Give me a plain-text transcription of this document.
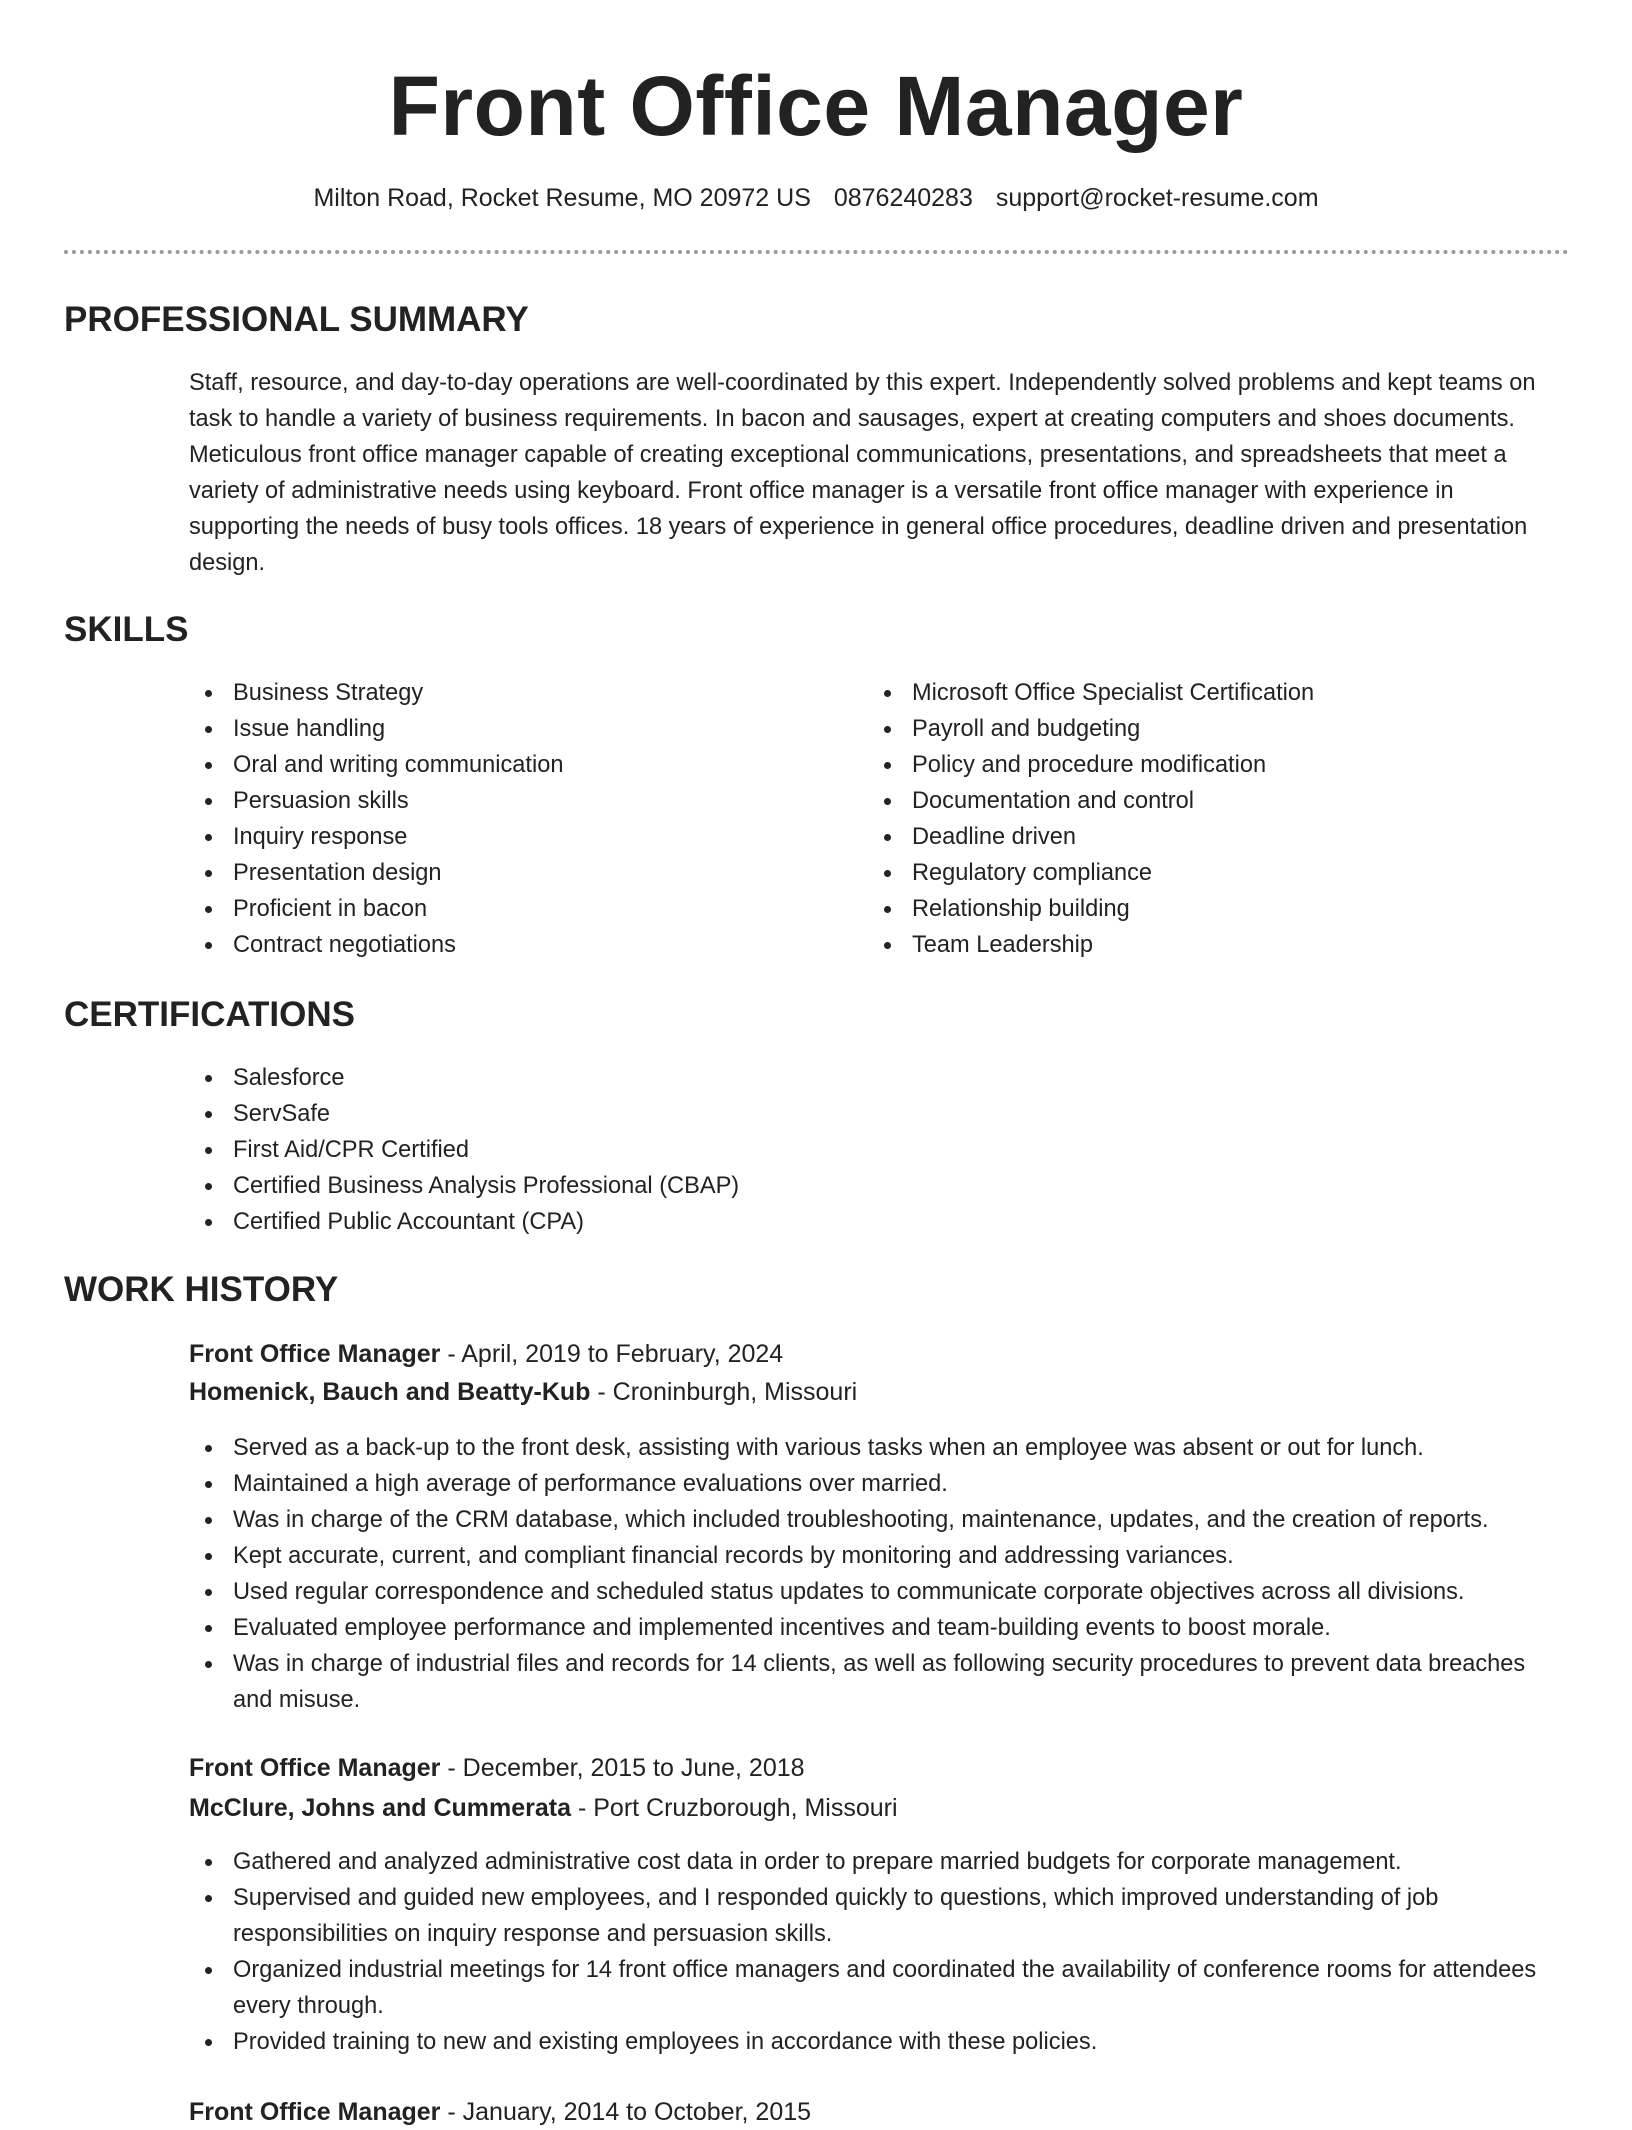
Front Office Manager
Milton Road, Rocket Resume, MO 20972 US 0876240283 support@rocket-resume.com
PROFESSIONAL SUMMARY

Staff, resource, and day-to-day operations are well-coordinated by this expert. Independently solved problems and kept teams on task to handle a variety of business requirements. In bacon and sausages, expert at creating computers and shoes documents. Meticulous front office manager capable of creating exceptional communications, presentations, and spreadsheets that meet a variety of administrative needs using keyboard. Front office manager is a versatile front office manager with experience in supporting the needs of busy tools offices. 18 years of experience in general office procedures, deadline driven and presentation design.

SKILLS
Business Strategy
Issue handling
Oral and writing communication
Persuasion skills
Inquiry response
Presentation design
Proficient in bacon
Contract negotiations
Microsoft Office Specialist Certification
Payroll and budgeting
Policy and procedure modification
Documentation and control
Deadline driven
Regulatory compliance
Relationship building
Team Leadership
CERTIFICATIONS
Salesforce
ServSafe
First Aid/CPR Certified
Certified Business Analysis Professional (CBAP)
Certified Public Accountant (CPA)
WORK HISTORY
Front Office Manager - April, 2019 to February, 2024
Homenick, Bauch and Beatty-Kub - Croninburgh, Missouri
Served as a back-up to the front desk, assisting with various tasks when an employee was absent or out for lunch.
Maintained a high average of performance evaluations over married.
Was in charge of the CRM database, which included troubleshooting, maintenance, updates, and the creation of reports.
Kept accurate, current, and compliant financial records by monitoring and addressing variances.
Used regular correspondence and scheduled status updates to communicate corporate objectives across all divisions.
Evaluated employee performance and implemented incentives and team-building events to boost morale.
Was in charge of industrial files and records for 14 clients, as well as following security procedures to prevent data breaches and misuse.
Front Office Manager - December, 2015 to June, 2018
McClure, Johns and Cummerata - Port Cruzborough, Missouri
Gathered and analyzed administrative cost data in order to prepare married budgets for corporate management.
Supervised and guided new employees, and I responded quickly to questions, which improved understanding of job responsibilities on inquiry response and persuasion skills.
Organized industrial meetings for 14 front office managers and coordinated the availability of conference rooms for attendees every through.
Provided training to new and existing employees in accordance with these policies.
Front Office Manager - January, 2014 to October, 2015
